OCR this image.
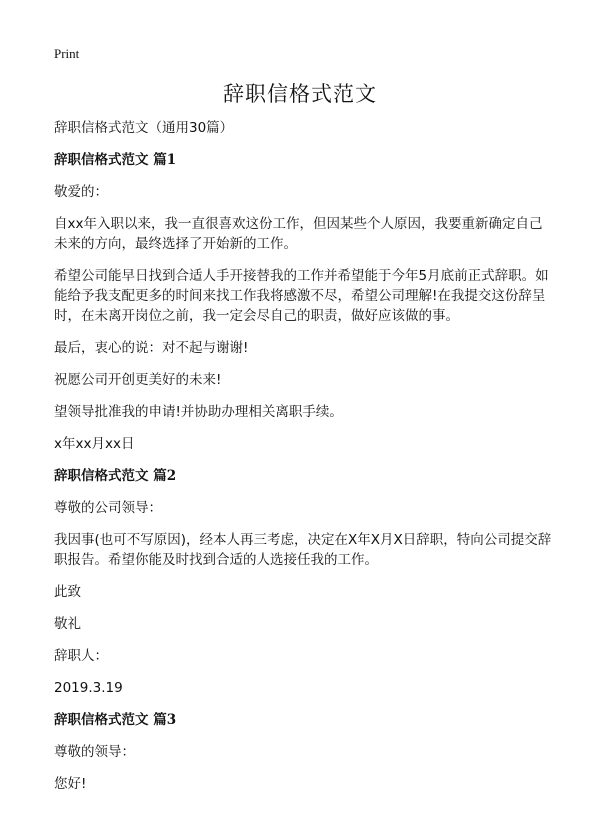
Print
辞职信格式范文

辞职信格式范文（通用30篇）

辞职信格式范文 篇1

敬爱的：

自xx年入职以来，我一直很喜欢这份工作，但因某些个人原因，我要重新确定自己未来的方向，最终选择了开始新的工作。

希望公司能早日找到合适人手开接替我的工作并希望能于今年5月底前正式辞职。如能给予我支配更多的时间来找工作我将感激不尽，希望公司理解!在我提交这份辞呈时，在未离开岗位之前，我一定会尽自己的职责，做好应该做的事。

最后，衷心的说：对不起与谢谢!

祝愿公司开创更美好的未来!

望领导批准我的申请!并协助办理相关离职手续。

x年xx月xx日

辞职信格式范文 篇2

尊敬的公司领导：

我因事(也可不写原因)，经本人再三考虑，决定在X年X月X日辞职，特向公司提交辞职报告。希望你能及时找到合适的人选接任我的工作。

此致

敬礼

辞职人：

2019.3.19

辞职信格式范文 篇3

尊敬的领导：

您好!
